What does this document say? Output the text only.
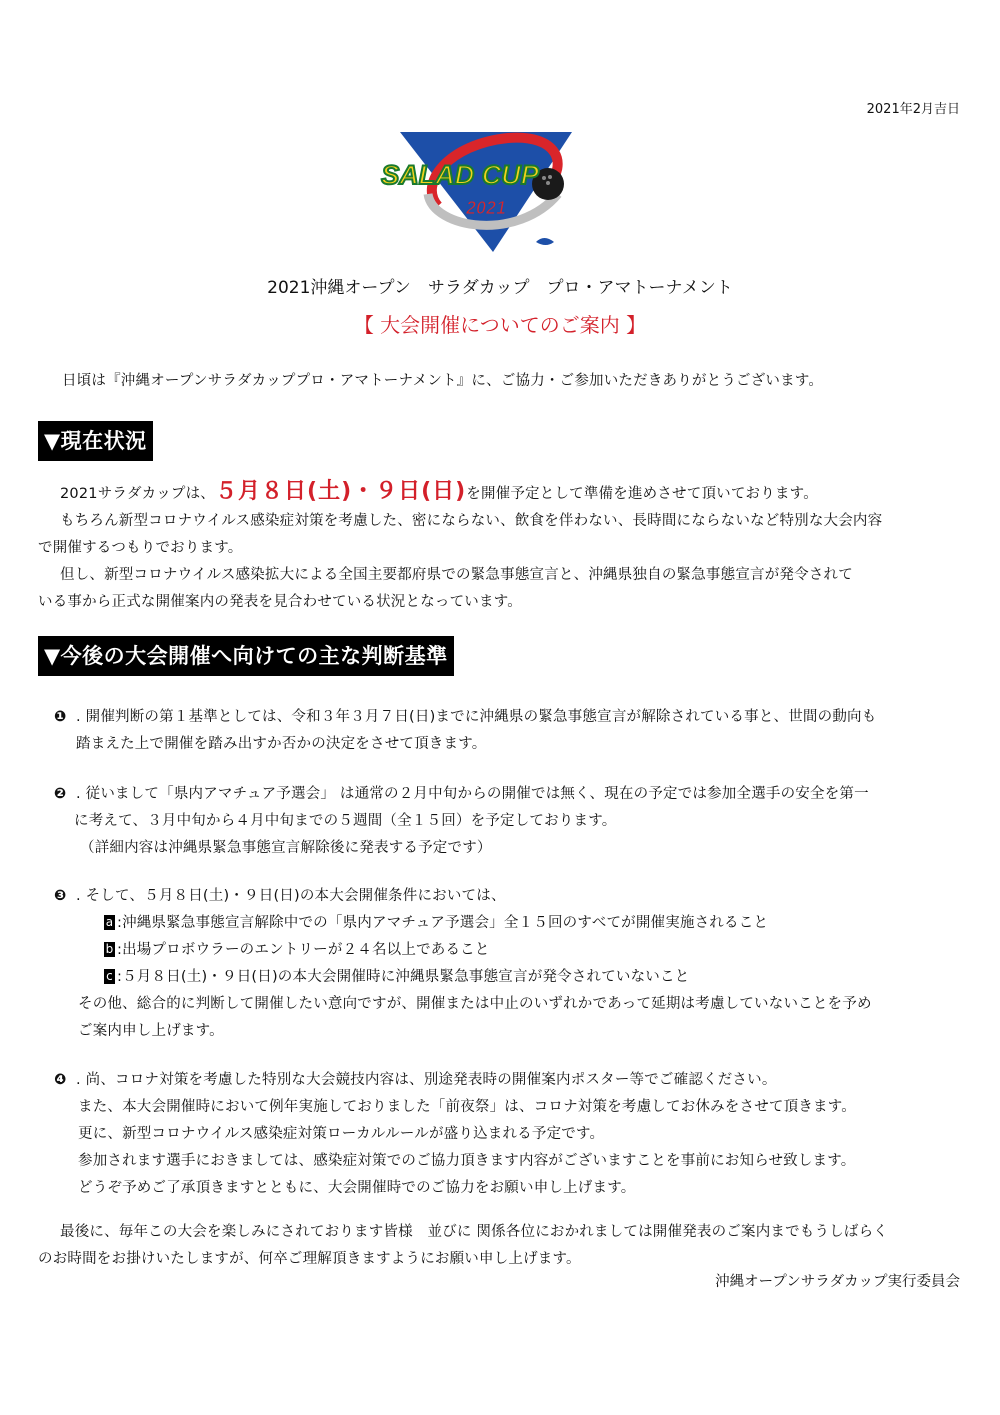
2021年2月吉日
SALAD CUP
2021
2021沖縄オープン　サラダカップ　プロ・アマトーナメント
【 大会開催についてのご案内 】
日頃は『沖縄オープンサラダカッププロ・アマトーナメント』に、ご協力・ご参加いただきありがとうございます。
▼現在状況
2021サラダカップは、５月８日(土)・９日(日)を開催予定として準備を進めさせて頂いております。
もちろん新型コロナウイルス感染症対策を考慮した、密にならない、飲食を伴わない、長時間にならないなど特別な大会内容
で開催するつもりでおります。
但し、新型コロナウイルス感染拡大による全国主要都府県での緊急事態宣言と、沖縄県独自の緊急事態宣言が発令されて
いる事から正式な開催案内の発表を見合わせている状況となっています。
▼今後の大会開催へ向けての主な判断基準
❶ . 開催判断の第１基準としては、令和３年３月７日(日)までに沖縄県の緊急事態宣言が解除されている事と、世間の動向も
踏まえた上で開催を踏み出すか否かの決定をさせて頂きます。
❷ . 従いまして「県内アマチュア予選会」 は通常の２月中旬からの開催では無く、現在の予定では参加全選手の安全を第一
に考えて、３月中旬から４月中旬までの５週間（全１５回）を予定しております。
（詳細内容は沖縄県緊急事態宣言解除後に発表する予定です）
❸ . そして、５月８日(土)・９日(日)の本大会開催条件においては、
a :沖縄県緊急事態宣言解除中での「県内アマチュア予選会」全１５回のすべてが開催実施されること
b :出場プロボウラーのエントリーが２４名以上であること
c :５月８日(土)・９日(日)の本大会開催時に沖縄県緊急事態宣言が発令されていないこと
その他、総合的に判断して開催したい意向ですが、開催または中止のいずれかであって延期は考慮していないことを予め
ご案内申し上げます。
❹ . 尚、コロナ対策を考慮した特別な大会競技内容は、別途発表時の開催案内ポスター等でご確認ください。
また、本大会開催時において例年実施しておりました「前夜祭」は、コロナ対策を考慮してお休みをさせて頂きます。
更に、新型コロナウイルス感染症対策ローカルルールが盛り込まれる予定です。
参加されます選手におきましては、感染症対策でのご協力頂きます内容がございますことを事前にお知らせ致します。
どうぞ予めご了承頂きますとともに、大会開催時でのご協力をお願い申し上げます。
最後に、毎年この大会を楽しみにされております皆様　並びに 関係各位におかれましては開催発表のご案内までもうしばらく
のお時間をお掛けいたしますが、何卒ご理解頂きますようにお願い申し上げます。
沖縄オープンサラダカップ実行委員会
